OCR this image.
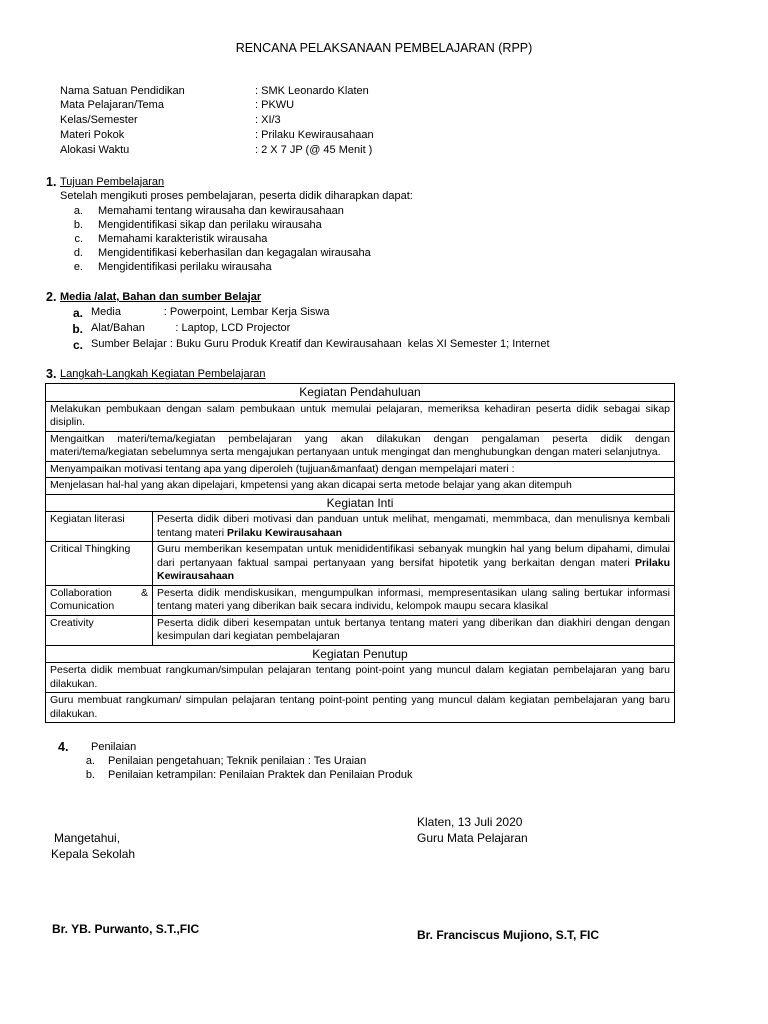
RENCANA PELAKSANAAN PEMBELAJARAN (RPP)
Nama Satuan Pendidikan	: SMK Leonardo Klaten
Mata Pelajaran/Tema	: PKWU
Kelas/Semester	: XI/3
Materi Pokok	: Prilaku Kewirausahaan
Alokasi Waktu	: 2 X 7 JP (@ 45 Menit )
1. Tujuan Pembelajaran
Setelah mengikuti proses pembelajaran, peserta didik diharapkan dapat:
a. Memahami tentang wirausaha dan kewirausahaan
b. Mengidentifikasi sikap dan perilaku wirausaha
c. Memahami karakteristik wirausaha
d. Mengidentifikasi keberhasilan dan kegagalan wirausaha
e. Mengidentifikasi perilaku wirausaha
2. Media /alat, Bahan dan sumber Belajar
a. Media              : Powerpoint, Lembar Kerja Siswa
b. Alat/Bahan          : Laptop, LCD Projector
c. Sumber Belajar : Buku Guru Produk Kreatif dan Kewirausahaan  kelas XI Semester 1; Internet
3. Langkah-Langkah Kegiatan Pembelajaran
Kegiatan Pendahuluan	
Melakukan pembukaan dengan salam pembukaan untuk memulai pelajaran, memeriksa kehadiran peserta didik sebagai sikap disiplin.	
Mengaitkan materi/tema/kegiatan pembelajaran yang akan dilakukan dengan pengalaman peserta didik dengan materi/tema/kegiatan sebelumnya serta mengajukan pertanyaan untuk mengingat dan menghubungkan dengan materi selanjutnya.	
Menyampaikan motivasi tentang apa yang diperoleh (tujjuan&manfaat) dengan mempelajari materi :	
Menjelasan hal-hal yang akan dipelajari, kmpetensi yang akan dicapai serta metode belajar yang akan ditempuh	
Kegiatan Inti	
Kegiatan literasi	Peserta didik diberi motivasi dan panduan untuk melihat, mengamati, memmbaca, dan menulisnya kembali tentang materi Prilaku Kewirausahaan
Critical Thingking	Guru memberikan kesempatan untuk menididentifikasi sebanyak mungkin hal yang belum dipahami, dimulai dari pertanyaan faktual sampai pertanyaan yang bersifat hipotetik yang berkaitan dengan materi Prilaku Kewirausahaan
Collaboration & Comunication	Peserta didik mendiskusikan, mengumpulkan informasi, mempresentasikan ulang saling bertukar informasi tentang materi yang diberikan baik secara individu, kelompok maupu secara klasikal
Creativity	Peserta didik diberi kesempatan untuk bertanya tentang materi yang diberikan dan diakhiri dengan dengan kesimpulan dari kegiatan pembelajaran
Kegiatan Penutup	
Peserta didik membuat rangkuman/simpulan pelajaran tentang point-point yang muncul dalam kegiatan pembelajaran yang baru dilakukan.	
Guru membuat rangkuman/ simpulan pelajaran tentang point-point penting yang muncul dalam kegiatan pembelajaran yang baru dilakukan.	
4. Penilaian
a. Penilaian pengetahuan; Teknik penilaian : Tes Uraian
b. Penilaian ketrampilan: Penilaian Praktek dan Penilaian Produk
Klaten, 13 Juli 2020
Guru Mata Pelajaran
Mangetahui,
Kepala Sekolah
Br. YB. Purwanto, S.T.,FIC	Br. Franciscus Mujiono, S.T, FIC
